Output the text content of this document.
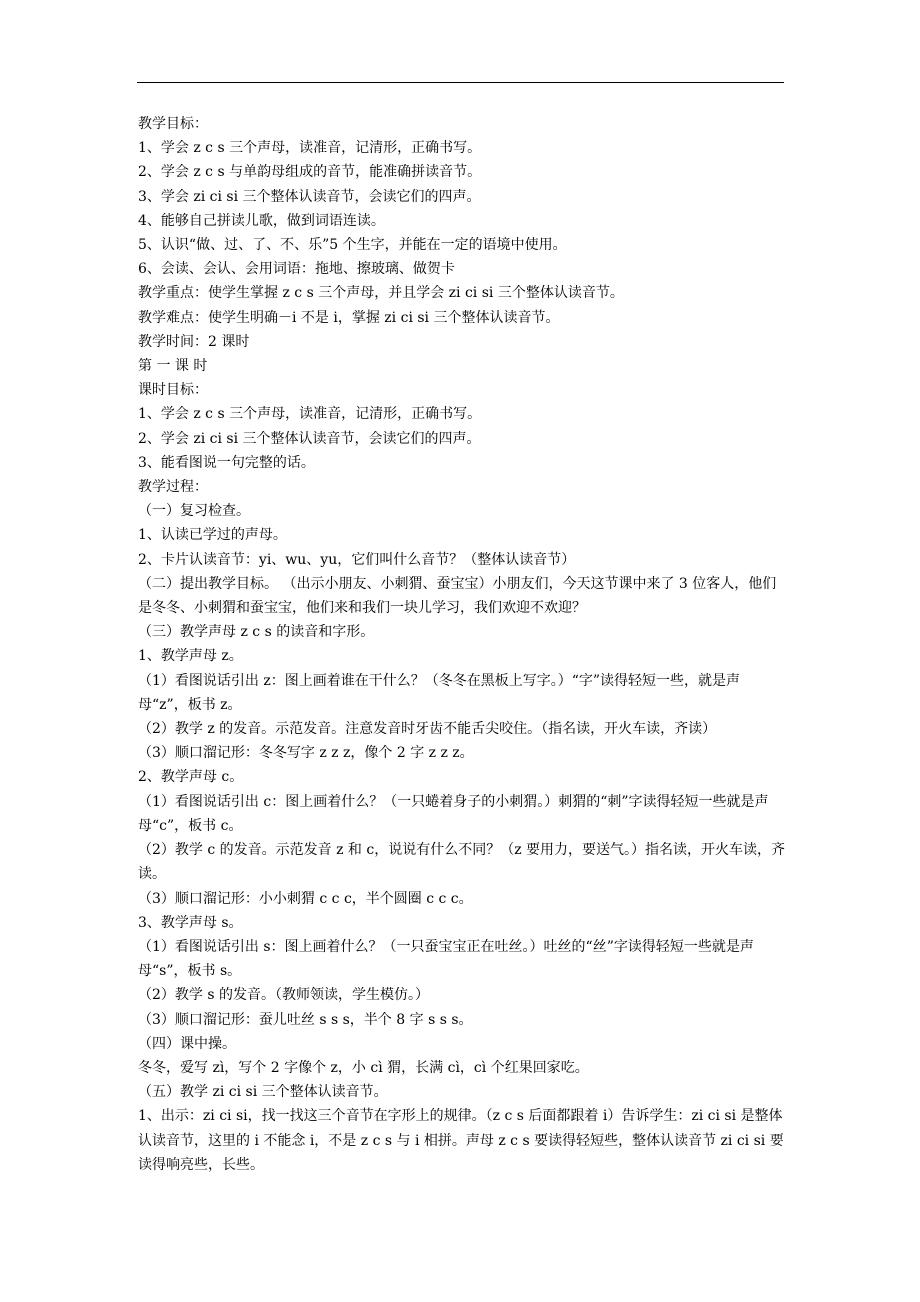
教学目标：

1、学会 z c s 三个声母，读准音，记清形，正确书写。

2、学会 z c s 与单韵母组成的音节，能准确拼读音节。

3、学会 zi ci si 三个整体认读音节，会读它们的四声。

4、能够自己拼读儿歌，做到词语连读。

5、认识“做、过、了、不、乐”5 个生字，并能在一定的语境中使用。

6、会读、会认、会用词语：拖地、擦玻璃、做贺卡

教学重点：使学生掌握 z c s 三个声母，并且学会 zi ci si 三个整体认读音节。

教学难点：使学生明确－i 不是 i，掌握 zi ci si 三个整体认读音节。

教学时间：2 课时

第 一 课 时

课时目标：

1、学会 z c s 三个声母，读准音，记清形，正确书写。

2、学会 zi ci si 三个整体认读音节，会读它们的四声。

3、能看图说一句完整的话。

教学过程：

（一）复习检查。

1、认读已学过的声母。

2、卡片认读音节：yi、wu、yu，它们叫什么音节？（整体认读音节）

（二）提出教学目标。 （出示小朋友、小刺猬、蚕宝宝）小朋友们，今天这节课中来了 3 位客人，他们是冬冬、小刺猬和蚕宝宝，他们来和我们一块儿学习，我们欢迎不欢迎？

（三）教学声母 z c s 的读音和字形。

1、教学声母 z。

（1）看图说话引出 z：图上画着谁在干什么？（冬冬在黑板上写字。）“字”读得轻短一些，就是声母“z”，板书 z。

（2）教学 z 的发音。示范发音。注意发音时牙齿不能舌尖咬住。（指名读，开火车读，齐读）

（3）顺口溜记形：冬冬写字 z z z，像个 2 字 z z z。

2、教学声母 c。

（1）看图说话引出 c：图上画着什么？（一只蜷着身子的小刺猬。）刺猬的“刺”字读得轻短一些就是声母“c”，板书 c。

（2）教学 c 的发音。示范发音 z 和 c，说说有什么不同？（z 要用力，要送气。）指名读，开火车读，齐读。

（3）顺口溜记形：小小刺猬 c c c，半个圆圈 c c c。

3、教学声母 s。

（1）看图说话引出 s：图上画着什么？（一只蚕宝宝正在吐丝。）吐丝的“丝”字读得轻短一些就是声母“s”，板书 s。

（2）教学 s 的发音。（教师领读，学生模仿。）

（3）顺口溜记形：蚕儿吐丝 s s s，半个 8 字 s s s。

（四）课中操。

冬冬，爱写 zì，写个 2 字像个 z，小 cì 猬，长满 cì，cì 个红果回家吃。

（五）教学 zi ci si 三个整体认读音节。

1、出示：zi ci si，找一找这三个音节在字形上的规律。（z c s 后面都跟着 i）告诉学生：zi ci si 是整体认读音节，这里的 i 不能念 i，不是 z c s 与 i 相拼。声母 z c s 要读得轻短些，整体认读音节 zi ci si 要读得响亮些，长些。
